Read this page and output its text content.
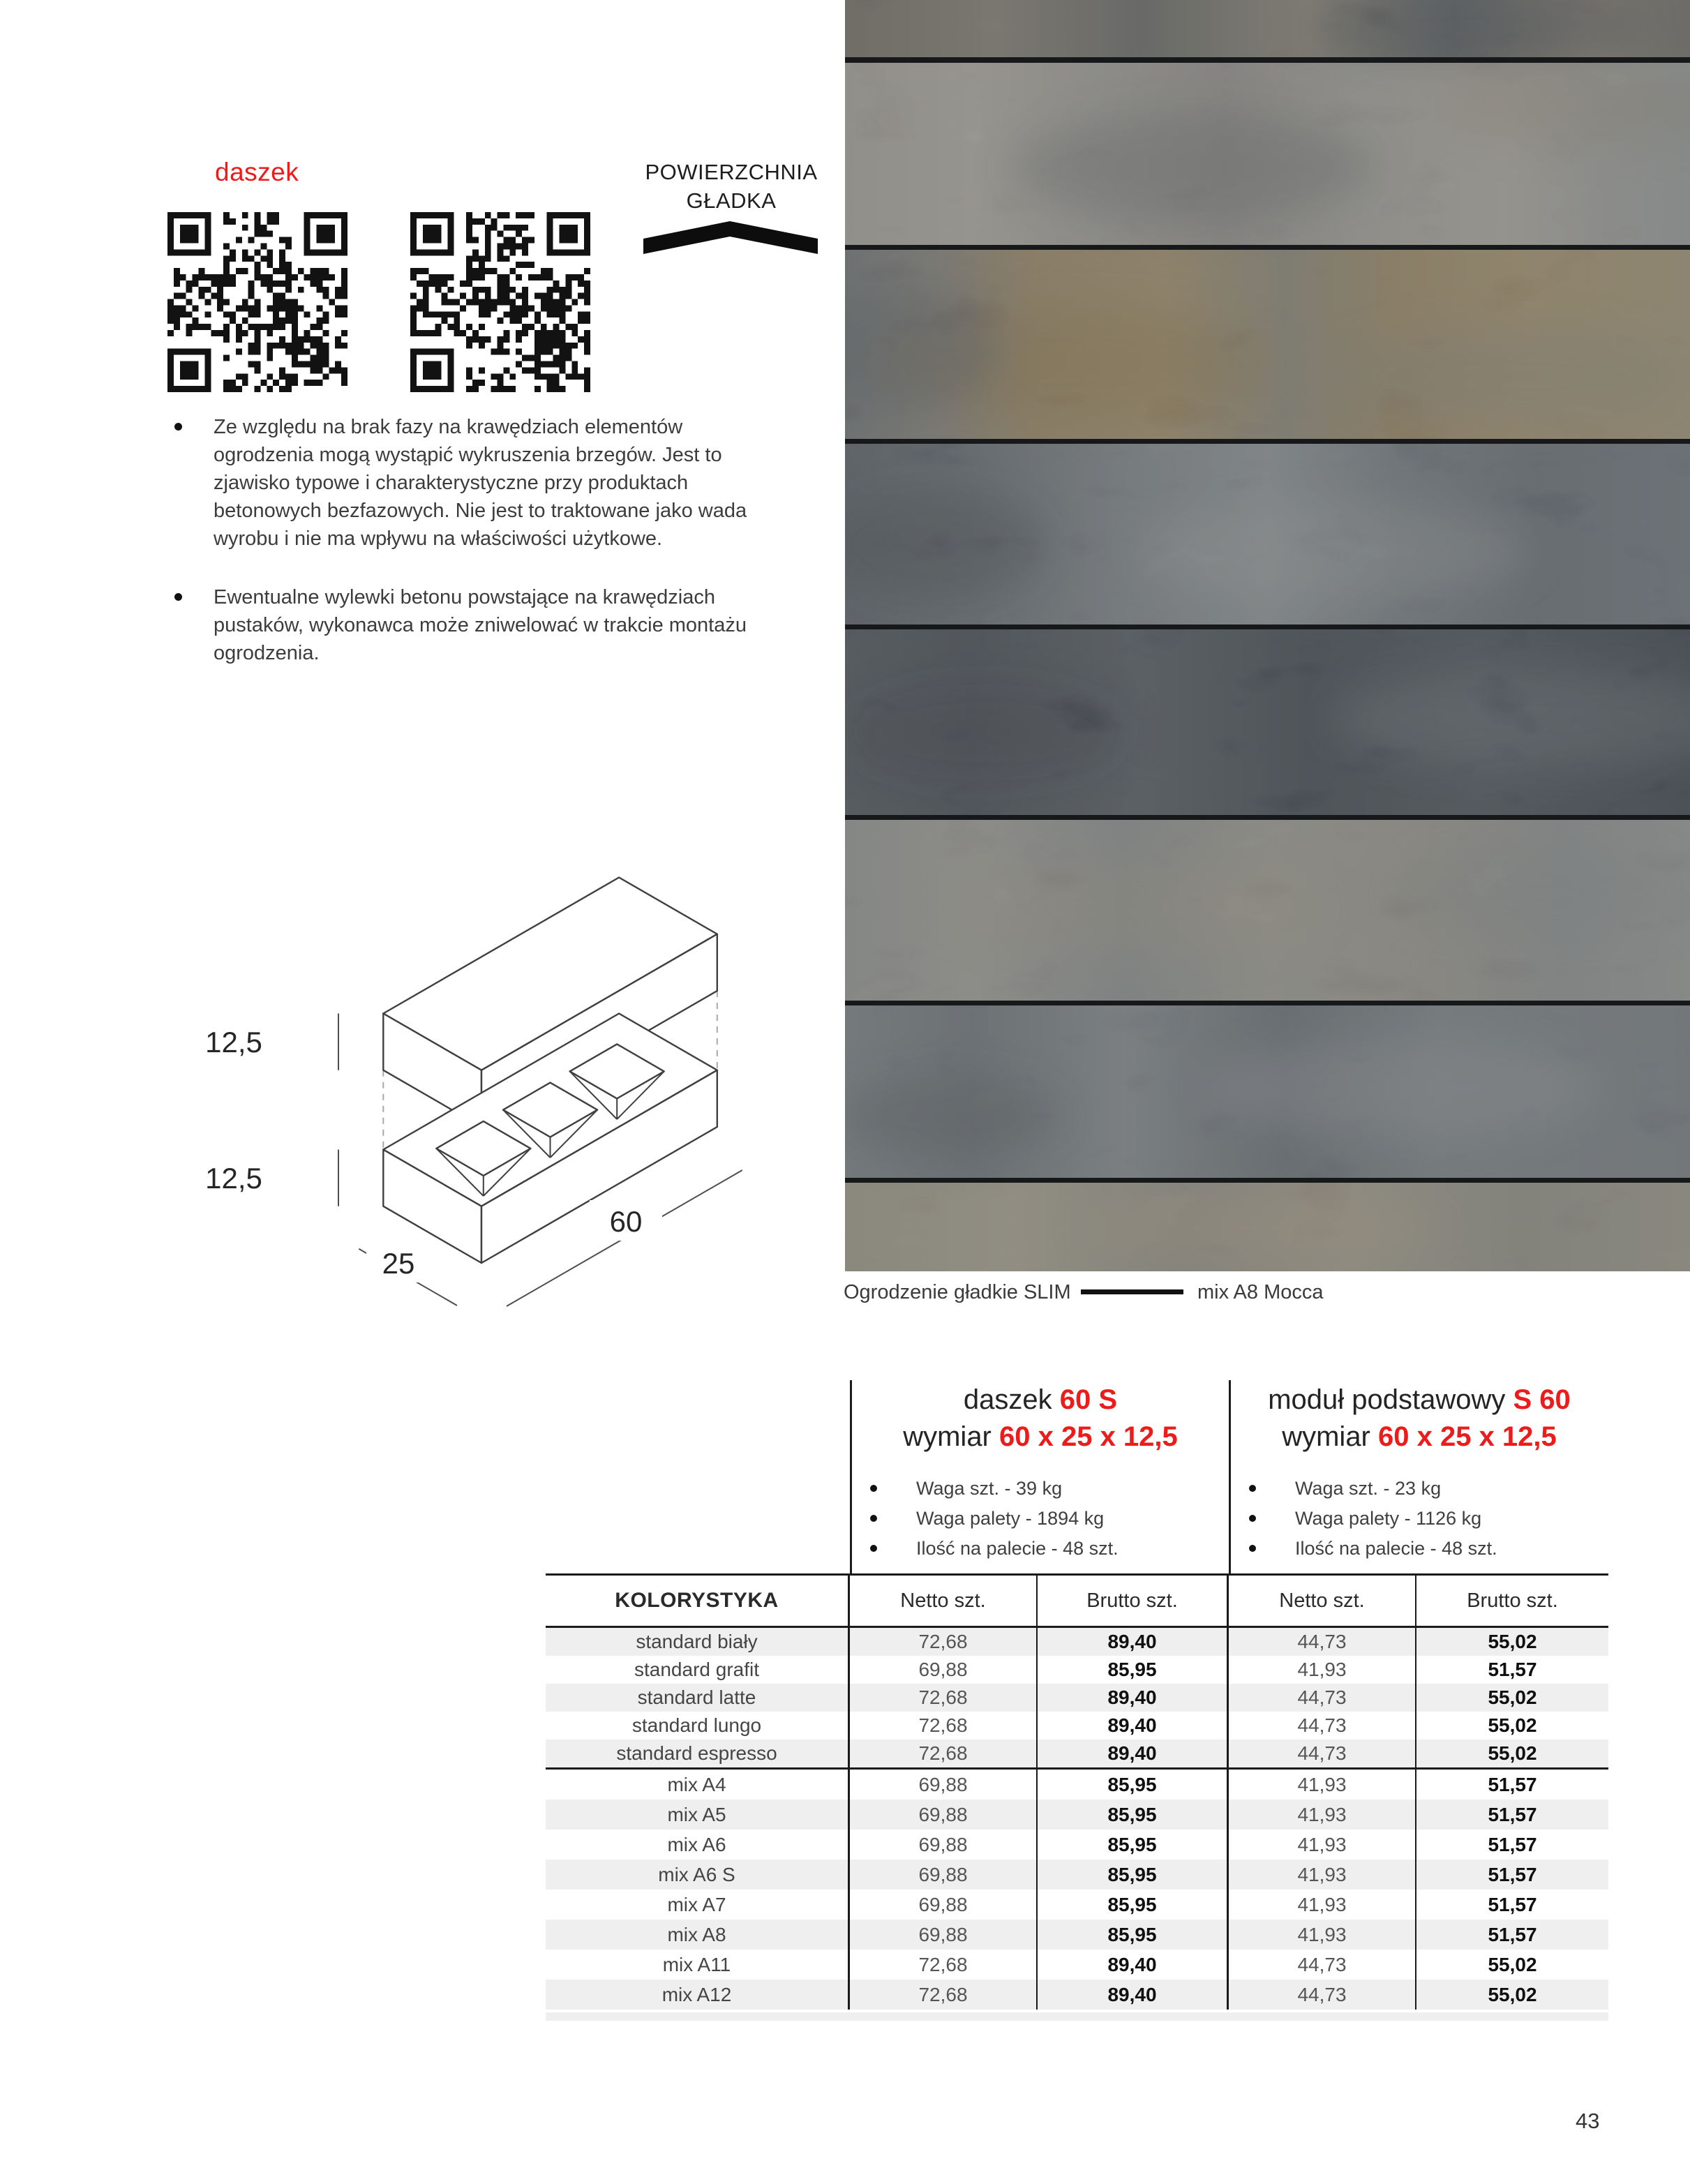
daszek	POWIERZCHNIA
GŁADKA
Ze względu na brak fazy na krawędziach elementów ogrodzenia mogą wystąpić wykruszenia brzegów. Jest to zjawisko typowe i charakterystyczne przy produktach betonowych bezfazowych. Nie jest to traktowane jako wada wyrobu i nie ma wpływu na właściwości użytkowe.
Ewentualne wylewki betonu powstające na krawędziach pustaków, wykonawca może zniwelować w trakcie montażu ogrodzenia.
12,5
12,5
60
25
Ogrodzenie gładkie SLIM	mix A8 Mocca
daszek 60 S
wymiar 60 x 25 x 12,5
Waga szt. - 39 kg
Waga palety - 1894 kg
Ilość na palecie - 48 szt.
moduł podstawowy S 60
wymiar 60 x 25 x 12,5
Waga szt. - 23 kg
Waga palety - 1126 kg
Ilość na palecie - 48 szt.
KOLORYSTYKA	Netto szt.	Brutto szt.	Netto szt.	Brutto szt.
standard biały	72,68	89,40	44,73	55,02
standard grafit	69,88	85,95	41,93	51,57
standard latte	72,68	89,40	44,73	55,02
standard lungo	72,68	89,40	44,73	55,02
standard espresso	72,68	89,40	44,73	55,02
mix A4	69,88	85,95	41,93	51,57
mix A5	69,88	85,95	41,93	51,57
mix A6	69,88	85,95	41,93	51,57
mix A6 S	69,88	85,95	41,93	51,57
mix A7	69,88	85,95	41,93	51,57
mix A8	69,88	85,95	41,93	51,57
mix A11	72,68	89,40	44,73	55,02
mix A12	72,68	89,40	44,73	55,02
43
